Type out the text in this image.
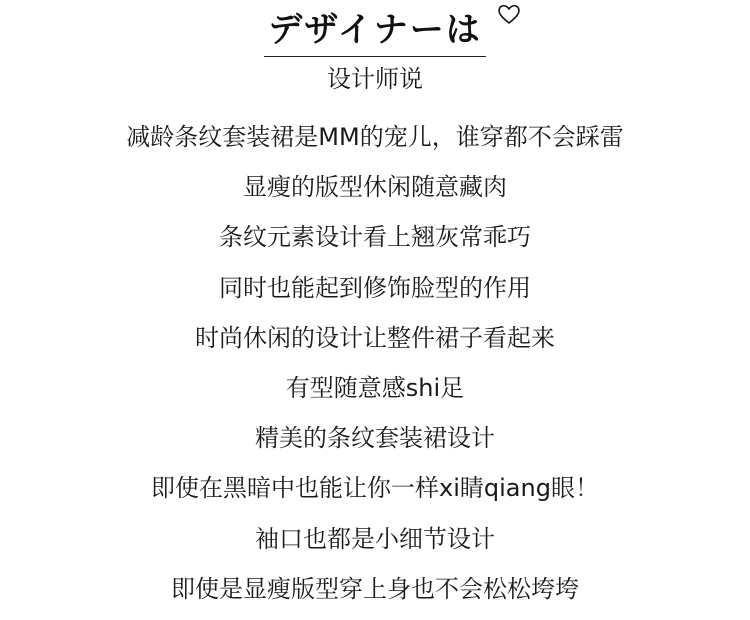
デザイナーは
设计师说
减龄条纹套装裙是MM的宠儿，谁穿都不会踩雷
显瘦的版型休闲随意藏肉
条纹元素设计看上翘灰常乖巧
同时也能起到修饰脸型的作用
时尚休闲的设计让整件裙子看起来
有型随意感shi足
精美的条纹套装裙设计
即使在黑暗中也能让你一样xi睛qiang眼！
袖口也都是小细节设计
即使是显瘦版型穿上身也不会松松垮垮
